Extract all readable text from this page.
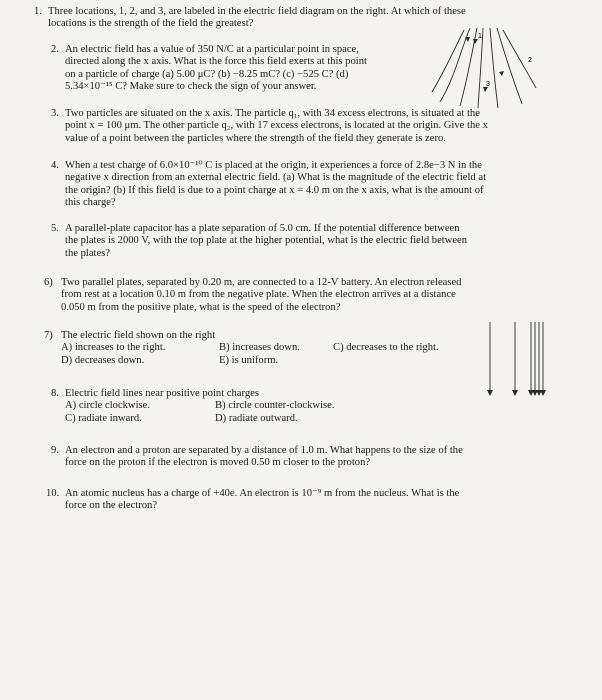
1. Three locations, 1, 2, and 3, are labeled in the electric field diagram on the right. At which of these

locations is the strength of the field the greatest?

2. An electric field has a value of 350 N/C at a particular point in space,

directed along the x axis. What is the force this field exerts at this point

on a particle of charge (a) 5.00 μC? (b) −8.25 mC? (c) −525 C? (d)

5.34×10⁻¹⁵ C? Make sure to check the sign of your answer.

1
2
3
3. Two particles are situated on the x axis. The particle q₁, with 34 excess electrons, is situated at the

point x = 100 μm. The other particle q₂, with 17 excess electrons, is located at the origin. Give the x

value of a point between the particles where the strength of the field they generate is zero.

4. When a test charge of 6.0×10⁻¹⁰ C is placed at the origin, it experiences a force of 2.8e−3 N in the

negative x direction from an external electric field. (a) What is the magnitude of the electric field at

the origin? (b) If this field is due to a point charge at x = 4.0 m on the x axis, what is the amount of

this charge?

5. A parallel-plate capacitor has a plate separation of 5.0 cm. If the potential difference between

the plates is 2000 V, with the top plate at the higher potential, what is the electric field between

the plates?

6) Two parallel plates, separated by 0.20 m, are connected to a 12-V battery. An electron released

from rest at a location 0.10 m from the negative plate. When the electron arrives at a distance

0.050 m from the positive plate, what is the speed of the electron?

7) The electric field shown on the right

A) increases to the right.	B) increases down.	C) decreases to the right.
D) decreases down.	E) is uniform.
8. Electric field lines near positive point charges

A) circle clockwise.	B) circle counter-clockwise.
C) radiate inward.	D) radiate outward.
9. An electron and a proton are separated by a distance of 1.0 m. What happens to the size of the

force on the proton if the electron is moved 0.50 m closer to the proton?

10. An atomic nucleus has a charge of +40e. An electron is 10⁻⁹ m from the nucleus. What is the

force on the electron?
